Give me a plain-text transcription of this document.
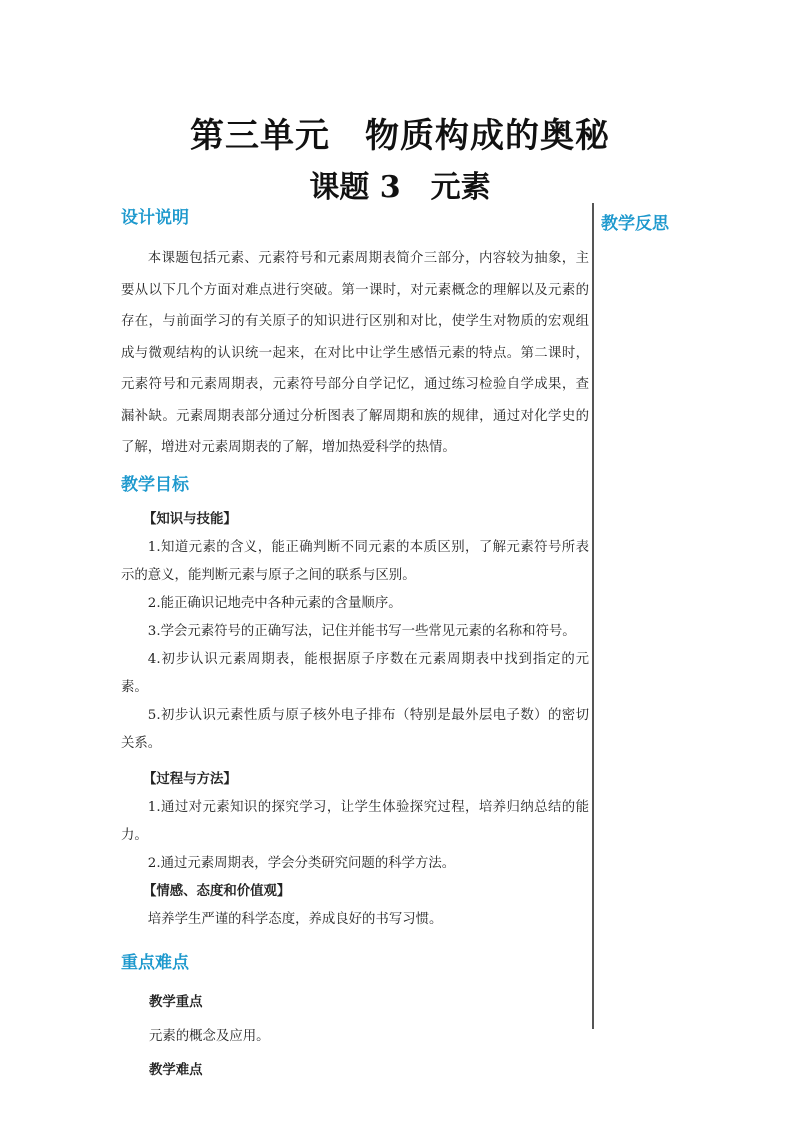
第三单元　物质构成的奥秘
课题 3　元素
教学反思
设计说明

本课题包括元素、元素符号和元素周期表简介三部分，内容较为抽象，主要从以下几个方面对难点进行突破。第一课时，对元素概念的理解以及元素的存在，与前面学习的有关原子的知识进行区别和对比，使学生对物质的宏观组成与微观结构的认识统一起来，在对比中让学生感悟元素的特点。第二课时，元素符号和元素周期表，元素符号部分自学记忆，通过练习检验自学成果，查漏补缺。元素周期表部分通过分析图表了解周期和族的规律，通过对化学史的了解，增进对元素周期表的了解，增加热爱科学的热情。

教学目标

【知识与技能】

1.知道元素的含义，能正确判断不同元素的本质区别，了解元素符号所表示的意义，能判断元素与原子之间的联系与区别。

2.能正确识记地壳中各种元素的含量顺序。

3.学会元素符号的正确写法，记住并能书写一些常见元素的名称和符号。

4.初步认识元素周期表，能根据原子序数在元素周期表中找到指定的元素。

5.初步认识元素性质与原子核外电子排布（特别是最外层电子数）的密切关系。

【过程与方法】

1.通过对元素知识的探究学习，让学生体验探究过程，培养归纳总结的能力。

2.通过元素周期表，学会分类研究问题的科学方法。

【情感、态度和价值观】

培养学生严谨的科学态度，养成良好的书写习惯。

重点难点

教学重点

元素的概念及应用。

教学难点
